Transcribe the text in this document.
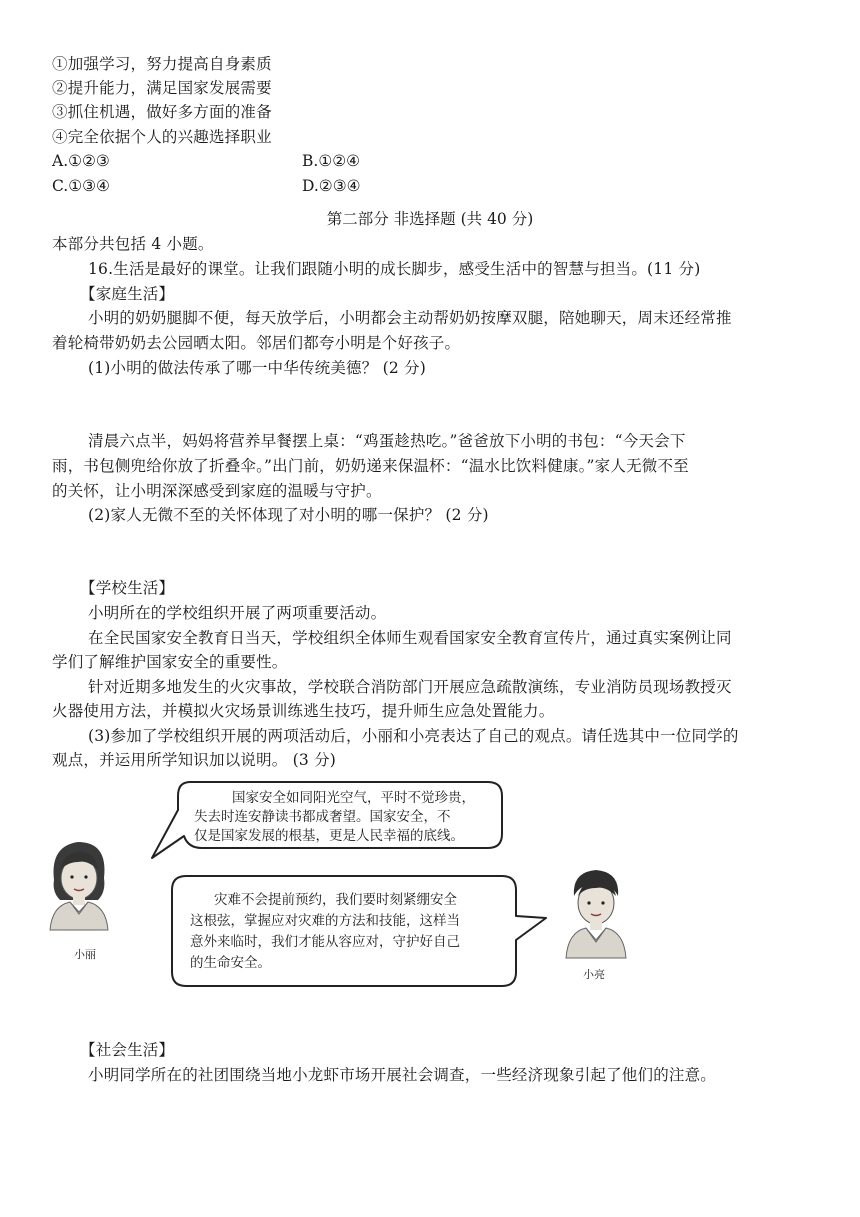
①加强学习，努力提高自身素质
②提升能力，满足国家发展需要
③抓住机遇，做好多方面的准备
④完全依据个人的兴趣选择职业
A.①②③	B.①②④
C.①③④	D.②③④
第二部分 非选择题 (共 40 分)
本部分共包括 4 小题。
16.生活是最好的课堂。让我们跟随小明的成长脚步，感受生活中的智慧与担当。(11 分)
【家庭生活】
小明的奶奶腿脚不便，每天放学后，小明都会主动帮奶奶按摩双腿，陪她聊天，周末还经常推
着轮椅带奶奶去公园晒太阳。邻居们都夸小明是个好孩子。
(1)小明的做法传承了哪一中华传统美德？ (2 分)
清晨六点半，妈妈将营养早餐摆上桌：“鸡蛋趁热吃。”爸爸放下小明的书包：“今天会下
雨，书包侧兜给你放了折叠伞。”出门前，奶奶递来保温杯：“温水比饮料健康。”家人无微不至
的关怀，让小明深深感受到家庭的温暖与守护。
(2)家人无微不至的关怀体现了对小明的哪一保护？ (2 分)
【学校生活】
小明所在的学校组织开展了两项重要活动。
在全民国家安全教育日当天，学校组织全体师生观看国家安全教育宣传片，通过真实案例让同
学们了解维护国家安全的重要性。
针对近期多地发生的火灾事故，学校联合消防部门开展应急疏散演练，专业消防员现场教授灭
火器使用方法，并模拟火灾场景训练逃生技巧，提升师生应急处置能力。
(3)参加了学校组织开展的两项活动后，小丽和小亮表达了自己的观点。请任选其中一位同学的
观点，并运用所学知识加以说明。 (3 分)
国家安全如同阳光空气，平时不觉珍贵，
失去时连安静读书都成奢望。国家安全，不
仅是国家发展的根基，更是人民幸福的底线。
灾难不会提前预约，我们要时刻紧绷安全
这根弦，掌握应对灾难的方法和技能，这样当
意外来临时，我们才能从容应对，守护好自己
的生命安全。
小丽
小亮
【社会生活】
小明同学所在的社团围绕当地小龙虾市场开展社会调查，一些经济现象引起了他们的注意。
